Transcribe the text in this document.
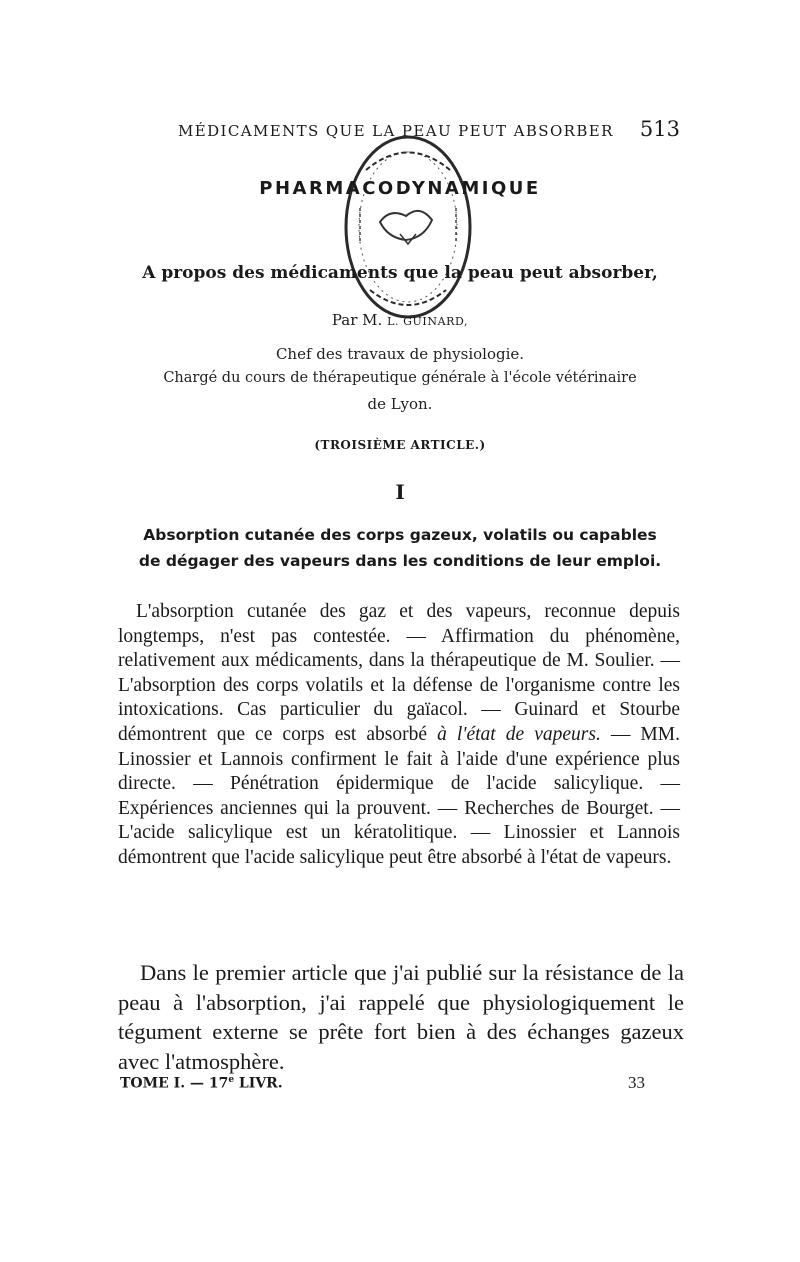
MÉDICAMENTS QUE LA PEAU PEUT ABSORBER 513
PHARMACODYNAMIQUE
A propos des médicaments que la peau peut absorber,
Par M. L. GUINARD,
Chef des travaux de physiologie.
Chargé du cours de thérapeutique générale à l'école vétérinaire
de Lyon.
(TROISIÈME ARTICLE.)
I
Absorption cutanée des corps gazeux, volatils ou capables
de dégager des vapeurs dans les conditions de leur emploi.
L'absorption cutanée des gaz et des vapeurs, reconnue depuis longtemps, n'est pas contestée. — Affirmation du phénomène, relativement aux médicaments, dans la thérapeutique de M. Soulier. — L'absorption des corps volatils et la défense de l'organisme contre les intoxications. Cas particulier du gaïacol. — Guinard et Stourbe démontrent que ce corps est absorbé à l'état de vapeurs. — MM. Linossier et Lannois confirment le fait à l'aide d'une expérience plus directe. — Pénétration épidermique de l'acide salicylique. — Expériences anciennes qui la prouvent. — Recherches de Bourget. — L'acide salicylique est un kératolitique. — Linossier et Lannois démontrent que l'acide salicylique peut être absorbé à l'état de vapeurs.
Dans le premier article que j'ai publié sur la résistance de la peau à l'absorption, j'ai rappelé que physiologiquement le tégument externe se prête fort bien à des échanges gazeux avec l'atmosphère.
TOME I. — 17e LIVR.	33
